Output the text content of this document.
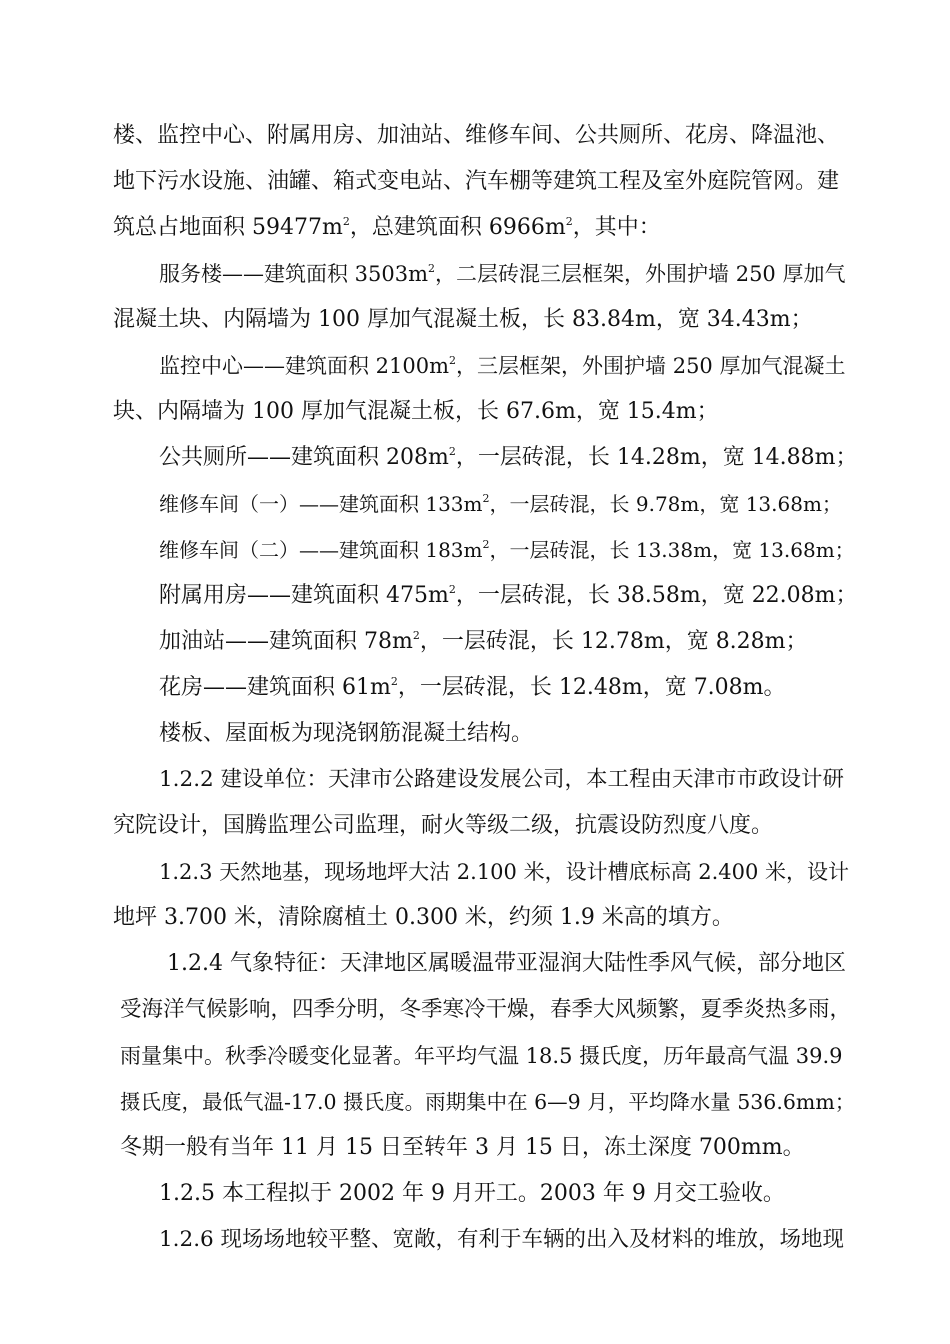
楼、监控中心、附属用房、加油站、维修车间、公共厕所、花房、降温池、
地下污水设施、油罐、箱式变电站、汽车棚等建筑工程及室外庭院管网。建
筑总占地面积 $59477m^2$，总建筑面积 $6966m^2$，其中：
服务楼——建筑面积 $3503m^2$，二层砖混三层框架，外围护墙 250 厚加气
混凝土块、内隔墙为 100 厚加气混凝土板，长 83.84m，宽 34.43m；
监控中心——建筑面积 $2100m^2$，三层框架，外围护墙 250 厚加气混凝土
块、内隔墙为 100 厚加气混凝土板，长 67.6m，宽 15.4m；
公共厕所——建筑面积 $208m^2$，一层砖混，长 14.28m，宽 14.88m；
维修车间（一）——建筑面积 $133m^2$，一层砖混，长 9.78m，宽 13.68m；
维修车间（二）——建筑面积 $183m^2$，一层砖混，长 13.38m，宽 13.68m；
附属用房——建筑面积 $475m^2$，一层砖混，长 38.58m，宽 22.08m；
加油站——建筑面积 $78m^2$，一层砖混，长 12.78m，宽 8.28m；
花房——建筑面积 $61m^2$，一层砖混，长 12.48m，宽 7.08m。
楼板、屋面板为现浇钢筋混凝土结构。
1.2.2 建设单位：天津市公路建设发展公司，本工程由天津市市政设计研
究院设计，国腾监理公司监理，耐火等级二级，抗震设防烈度八度。
1.2.3 天然地基，现场地坪大沽 2.100 米，设计槽底标高 2.400 米，设计
地坪 3.700 米，清除腐植土 0.300 米，约须 1.9 米高的填方。
1.2.4 气象特征：天津地区属暖温带亚湿润大陆性季风气候，部分地区
受海洋气候影响，四季分明，冬季寒冷干燥，春季大风频繁，夏季炎热多雨，
雨量集中。秋季冷暖变化显著。年平均气温 18.5 摄氏度，历年最高气温 39.9
摄氏度，最低气温-17.0 摄氏度。雨期集中在 6—9 月，平均降水量 536.6mm；
冬期一般有当年 11 月 15 日至转年 3 月 15 日，冻土深度 700mm。
1.2.5 本工程拟于 2002 年 9 月开工。2003 年 9 月交工验收。
1.2.6 现场场地较平整、宽敞，有利于车辆的出入及材料的堆放，场地现
